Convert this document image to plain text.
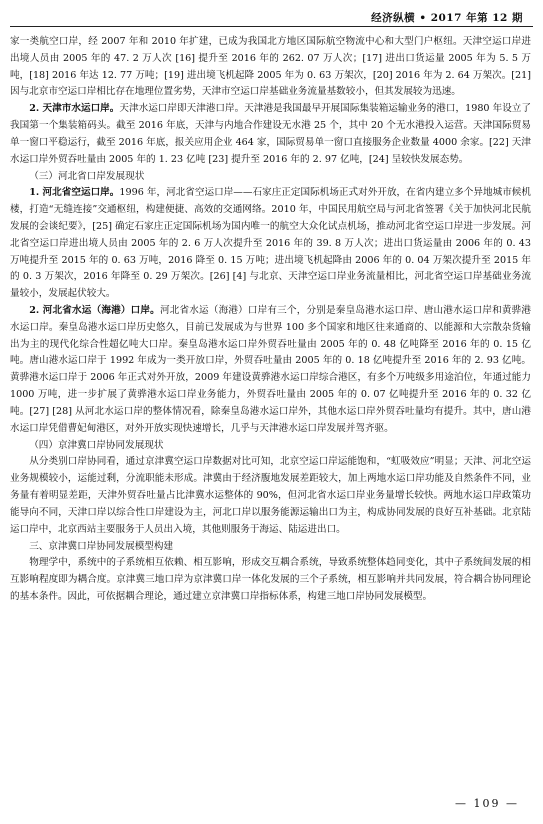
经济纵横 • 2017 年第 12 期

家一类航空口岸，经 2007 年和 2010 年扩建，已成为我国北方地区国际航空物流中心和大型门户枢纽。天津空运口岸进出境人员由 2005 年的 47. 2 万人次 [16] 提升至 2016 年的 262. 07 万人次；[17] 进出口货运量 2005 年为 5. 5 万吨，[18] 2016 年达 12. 77 万吨；[19] 进出境飞机起降 2005 年为 0. 63 万架次，[20] 2016 年为 2. 64 万架次。[21] 因与北京市空运口岸相比存在地理位置劣势，天津市空运口岸基础业务流量基数较小，但其发展较为迅速。

2. 天津市水运口岸。天津水运口岸即天津港口岸。天津港是我国最早开展国际集装箱运输业务的港口，1980 年设立了我国第一个集装箱码头。截至 2016 年底，天津与内地合作建设无水港 25 个，其中 20 个无水港投入运营。天津国际贸易单一窗口平稳运行，截至 2016 年底，报关应用企业 464 家，国际贸易单一窗口直接服务企业数量 4000 余家。[22] 天津水运口岸外贸吞吐量由 2005 年的 1. 23 亿吨 [23] 提升至 2016 年的 2. 97 亿吨，[24] 呈较快发展态势。

（三）河北省口岸发展现状

1. 河北省空运口岸。1996 年，河北省空运口岸——石家庄正定国际机场正式对外开放，在省内建立多个异地城市候机楼，打造“无缝连接”交通枢纽，构建便捷、高效的交通网络。2010 年，中国民用航空局与河北省签署《关于加快河北民航发展的会谈纪要》，[25] 确定石家庄正定国际机场为国内唯一的航空大众化试点机场，推动河北省空运口岸进一步发展。河北省空运口岸进出境人员由 2005 年的 2. 6 万人次提升至 2016 年的 39. 8 万人次；进出口货运量由 2006 年的 0. 43 万吨提升至 2015 年的 0. 63 万吨，2016 降至 0. 15 万吨；进出境飞机起降由 2006 年的 0. 04 万架次提升至 2015 年的 0. 3 万架次，2016 年降至 0. 29 万架次。[26] [4] 与北京、天津空运口岸业务流量相比，河北省空运口岸基础业务流量较小，发展起伏较大。

2. 河北省水运（海港）口岸。河北省水运（海港）口岸有三个，分别是秦皇岛港水运口岸、唐山港水运口岸和黄骅港水运口岸。秦皇岛港水运口岸历史悠久，目前已发展成为与世界 100 多个国家和地区往来通商的、以能源和大宗散杂货输出为主的现代化综合性超亿吨大口岸。秦皇岛港水运口岸外贸吞吐量由 2005 年的 0. 48 亿吨降至 2016 年的 0. 15 亿吨。唐山港水运口岸于 1992 年成为一类开放口岸，外贸吞吐量由 2005 年的 0. 18 亿吨提升至 2016 年的 2. 93 亿吨。黄骅港水运口岸于 2006 年正式对外开放，2009 年建设黄骅港水运口岸综合港区，有多个万吨级多用途泊位，年通过能力 1000 万吨，进一步扩展了黄骅港水运口岸业务能力，外贸吞吐量由 2005 年的 0. 07 亿吨提升至 2016 年的 0. 32 亿吨。[27] [28] 从河北水运口岸的整体情况看，除秦皇岛港水运口岸外，其他水运口岸外贸吞吐量均有提升。其中，唐山港水运口岸凭借曹妃甸港区，对外开放实现快速增长，几乎与天津港水运口岸发展并驾齐驱。

（四）京津冀口岸协同发展现状

从分类别口岸协同看，通过京津冀空运口岸数据对比可知，北京空运口岸运能饱和，“虹吸效应”明显；天津、河北空运业务规模较小，运能过剩，分流职能未形成。津冀由于经济腹地发展差距较大，加上两地水运口岸功能及自然条件不同，业务量有着明显差距，天津外贸吞吐量占比津冀水运整体的 90%，但河北省水运口岸业务量增长较快。两地水运口岸政策功能导向不同，天津口岸以综合性口岸建设为主，河北口岸以服务能源运输出口为主，构成协同发展的良好互补基础。北京陆运口岸中，北京西站主要服务于人员出入境，其他则服务于海运、陆运进出口。

三、京津冀口岸协同发展模型构建

物理学中，系统中的子系统相互依赖、相互影响，形成交互耦合系统，导致系统整体趋同变化，其中子系统间发展的相互影响程度即为耦合度。京津冀三地口岸为京津冀口岸一体化发展的三个子系统，相互影响并共同发展，符合耦合协同理论的基本条件。因此，可依据耦合理论，通过建立京津冀口岸指标体系，构建三地口岸协同发展模型。

— 109 —
